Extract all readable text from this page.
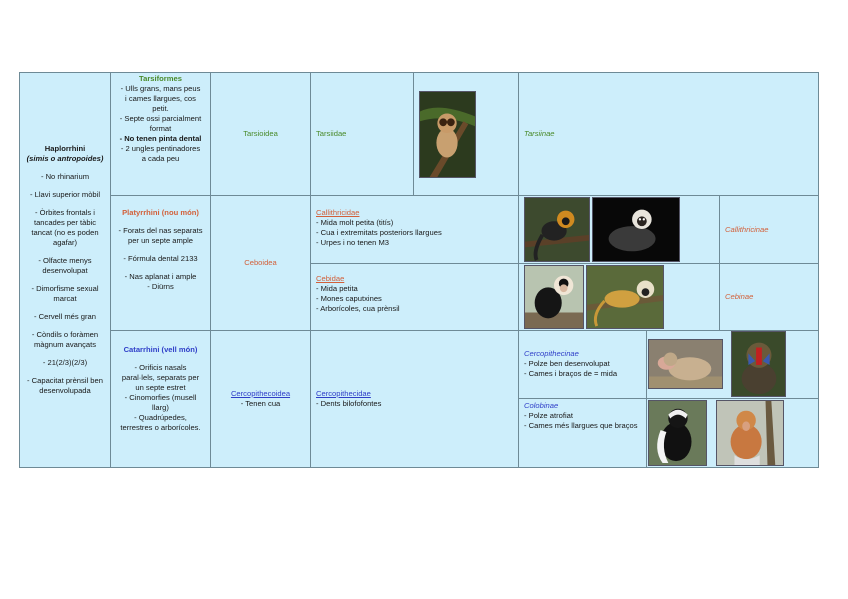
Haplorrhini
(simis o antropoides)
- No rhinarium
- Llavi superior mòbil
- Òrbites frontals i tancades per tàbic tancat (no es poden agafar)
- Olfacte menys desenvolupat
- Dimorfisme sexual marcat
- Cervell més gran
- Còndils o foràmen màgnum avançats
- 21(2/3)(2/3)
- Capacitat prènsil ben desenvolupada
Tarsiformes
- Ulls grans, mans peus i cames llargues, cos petit.
- Septe ossi parcialment format
- No tenen pinta dental
- 2 ungles pentinadores a cada peu
Tarsioidea	Tarsiidae	Tarsiinae
Platyrrhini (nou món)
- Forats del nas separats per un septe ample
- Fórmula dental 2133
- Nas aplanat i ample
- Diürns
Ceboidea
Callithricidae
- Mida molt petita (titís)
- Cua i extremitats posteriors llargues
- Urpes i no tenen M3
Callithricinae
Cebidae
- Mida petita
- Mones caputxines
- Arborícoles, cua prènsil
Cebinae
Catarrhini (vell món)
- Orificis nasals paral·lels, separats per un septe estret
- Cinomorfies (musell llarg)
- Quadrúpedes, terrestres o arborícoles.
Cercopithecoidea
- Tenen cua
Cercopithecidae
- Dents bilofofontes
Cercopithecinae
- Polze ben desenvolupat
- Cames i braços de = mida
Colobinae
- Polze atrofiat
- Cames més llargues que braços
